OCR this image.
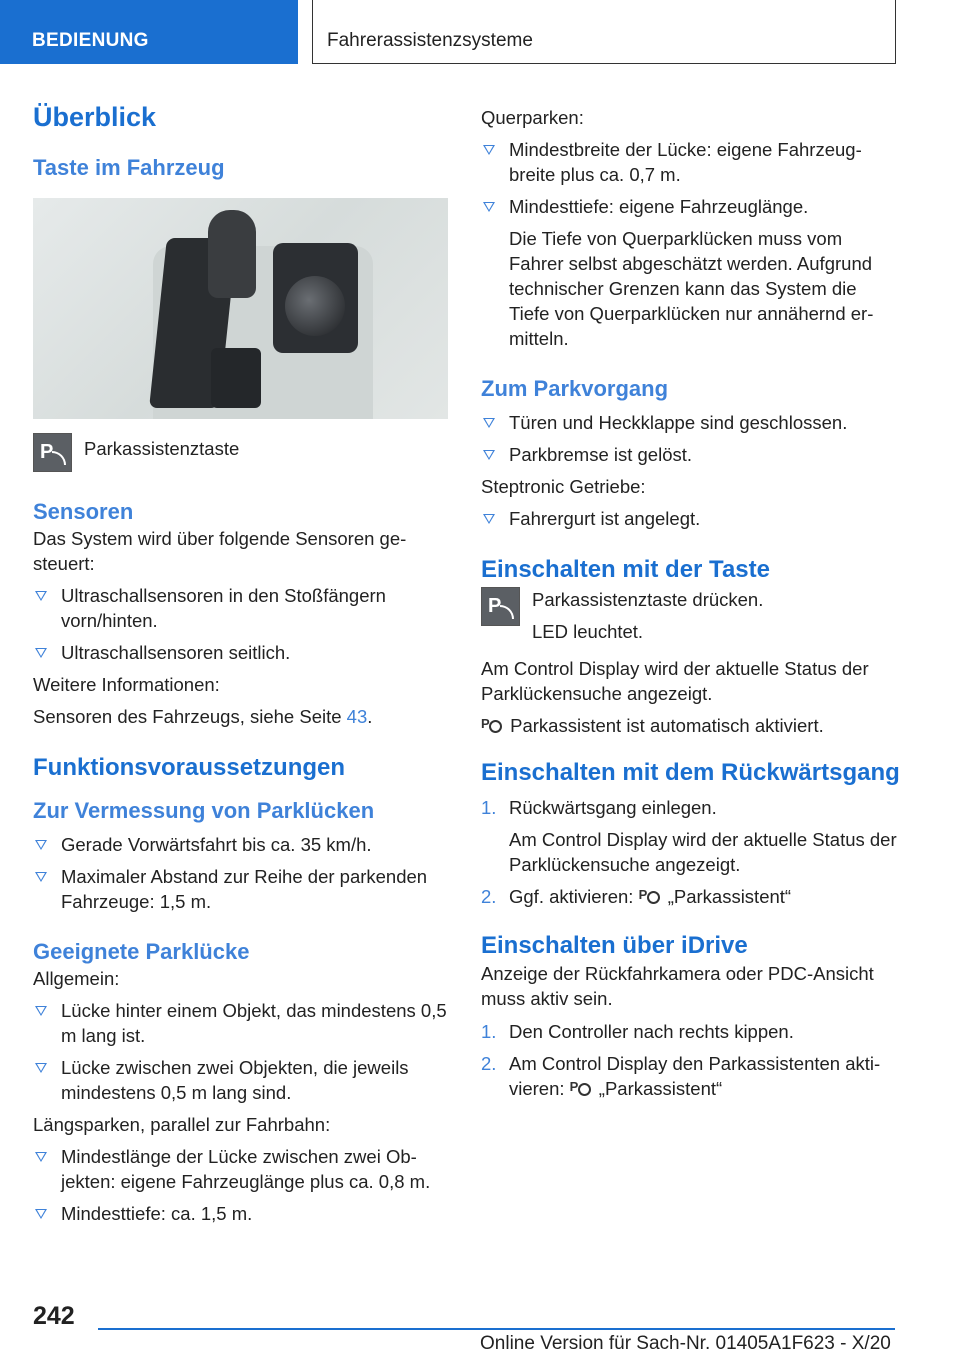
BEDIENUNG	Fahrerassistenzsysteme
Überblick
Taste im Fahrzeug
P Parkassistenztaste
Sensoren

Das System wird über folgende Sensoren gesteuert:

Ultraschallsensoren in den Stoßfängern vorn/hinten.
Ultraschallsensoren seitlich.

Weitere Informationen:

Sensoren des Fahrzeugs, siehe Seite 43.

Funktionsvoraussetzungen
Zur Vermessung von Parklücken
Gerade Vorwärtsfahrt bis ca. 35 km/h.
Maximaler Abstand zur Reihe der parkenden Fahrzeuge: 1,5 m.
Geeignete Parklücke

Allgemein:

Lücke hinter einem Objekt, das mindestens 0,5 m lang ist.
Lücke zwischen zwei Objekten, die jeweils mindestens 0,5 m lang sind.

Längsparken, parallel zur Fahrbahn:

Mindestlänge der Lücke zwischen zwei Objekten: eigene Fahrzeuglänge plus ca. 0,8 m.
Mindesttiefe: ca. 1,5 m.

Querparken:

Mindestbreite der Lücke: eigene Fahrzeugbreite plus ca. 0,7 m.
Mindesttiefe: eigene Fahrzeuglänge.

Die Tiefe von Querparklücken muss vom Fahrer selbst abgeschätzt werden. Aufgrund technischer Grenzen kann das System die Tiefe von Querparklücken nur annähernd ermitteln.

Zum Parkvorgang
Türen und Heckklappe sind geschlossen.
Parkbremse ist gelöst.

Steptronic Getriebe:

Fahrergurt ist angelegt.
Einschalten mit der Taste
P Parkassistenztaste drücken.
LED leuchtet.

Am Control Display wird der aktuelle Status der Parklückensuche angezeigt.

P Parkassistent ist automatisch aktiviert.

Einschalten mit dem Rückwärtsgang
1. Rückwärtsgang einlegen.

Am Control Display wird der aktuelle Status der Parklückensuche angezeigt.

2. Ggf. aktivieren: P „Parkassistent“
Einschalten über iDrive

Anzeige der Rückfahrkamera oder PDC-Ansicht muss aktiv sein.

1. Den Controller nach rechts kippen.
2. Am Control Display den Parkassistenten aktivieren: P „Parkassistent“
242
Online Version für Sach-Nr. 01405A1F623 - X/20
